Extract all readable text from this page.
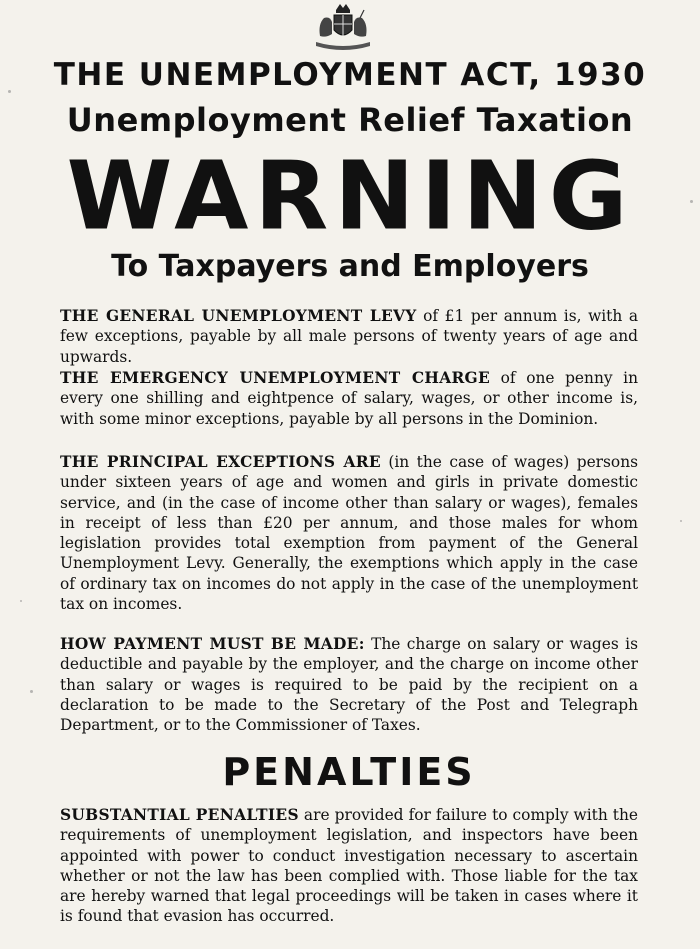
THE UNEMPLOYMENT ACT, 1930
Unemployment Relief Taxation
WARNING
To Taxpayers and Employers
THE GENERAL UNEMPLOYMENT LEVY of £1 per annum is, with a few exceptions, payable by all male persons of twenty years of age and upwards.
THE EMERGENCY UNEMPLOYMENT CHARGE of one penny in every one shilling and eightpence of salary, wages, or other income is, with some minor exceptions, payable by all persons in the Dominion.
THE PRINCIPAL EXCEPTIONS ARE (in the case of wages) persons under sixteen years of age and women and girls in private domestic service, and (in the case of income other than salary or wages), females in receipt of less than £20 per annum, and those males for whom legislation provides total exemption from payment of the General Unemployment Levy. Generally, the exemptions which apply in the case of ordinary tax on incomes do not apply in the case of the unemployment tax on incomes.
HOW PAYMENT MUST BE MADE: The charge on salary or wages is deductible and payable by the employer, and the charge on income other than salary or wages is required to be paid by the recipient on a declaration to be made to the Secretary of the Post and Telegraph Department, or to the Commissioner of Taxes.
PENALTIES
SUBSTANTIAL PENALTIES are provided for failure to comply with the requirements of unemployment legislation, and inspectors have been appointed with power to conduct investigation necessary to ascertain whether or not the law has been complied with. Those liable for the tax are hereby warned that legal proceedings will be taken in cases where it is found that evasion has occurred.
